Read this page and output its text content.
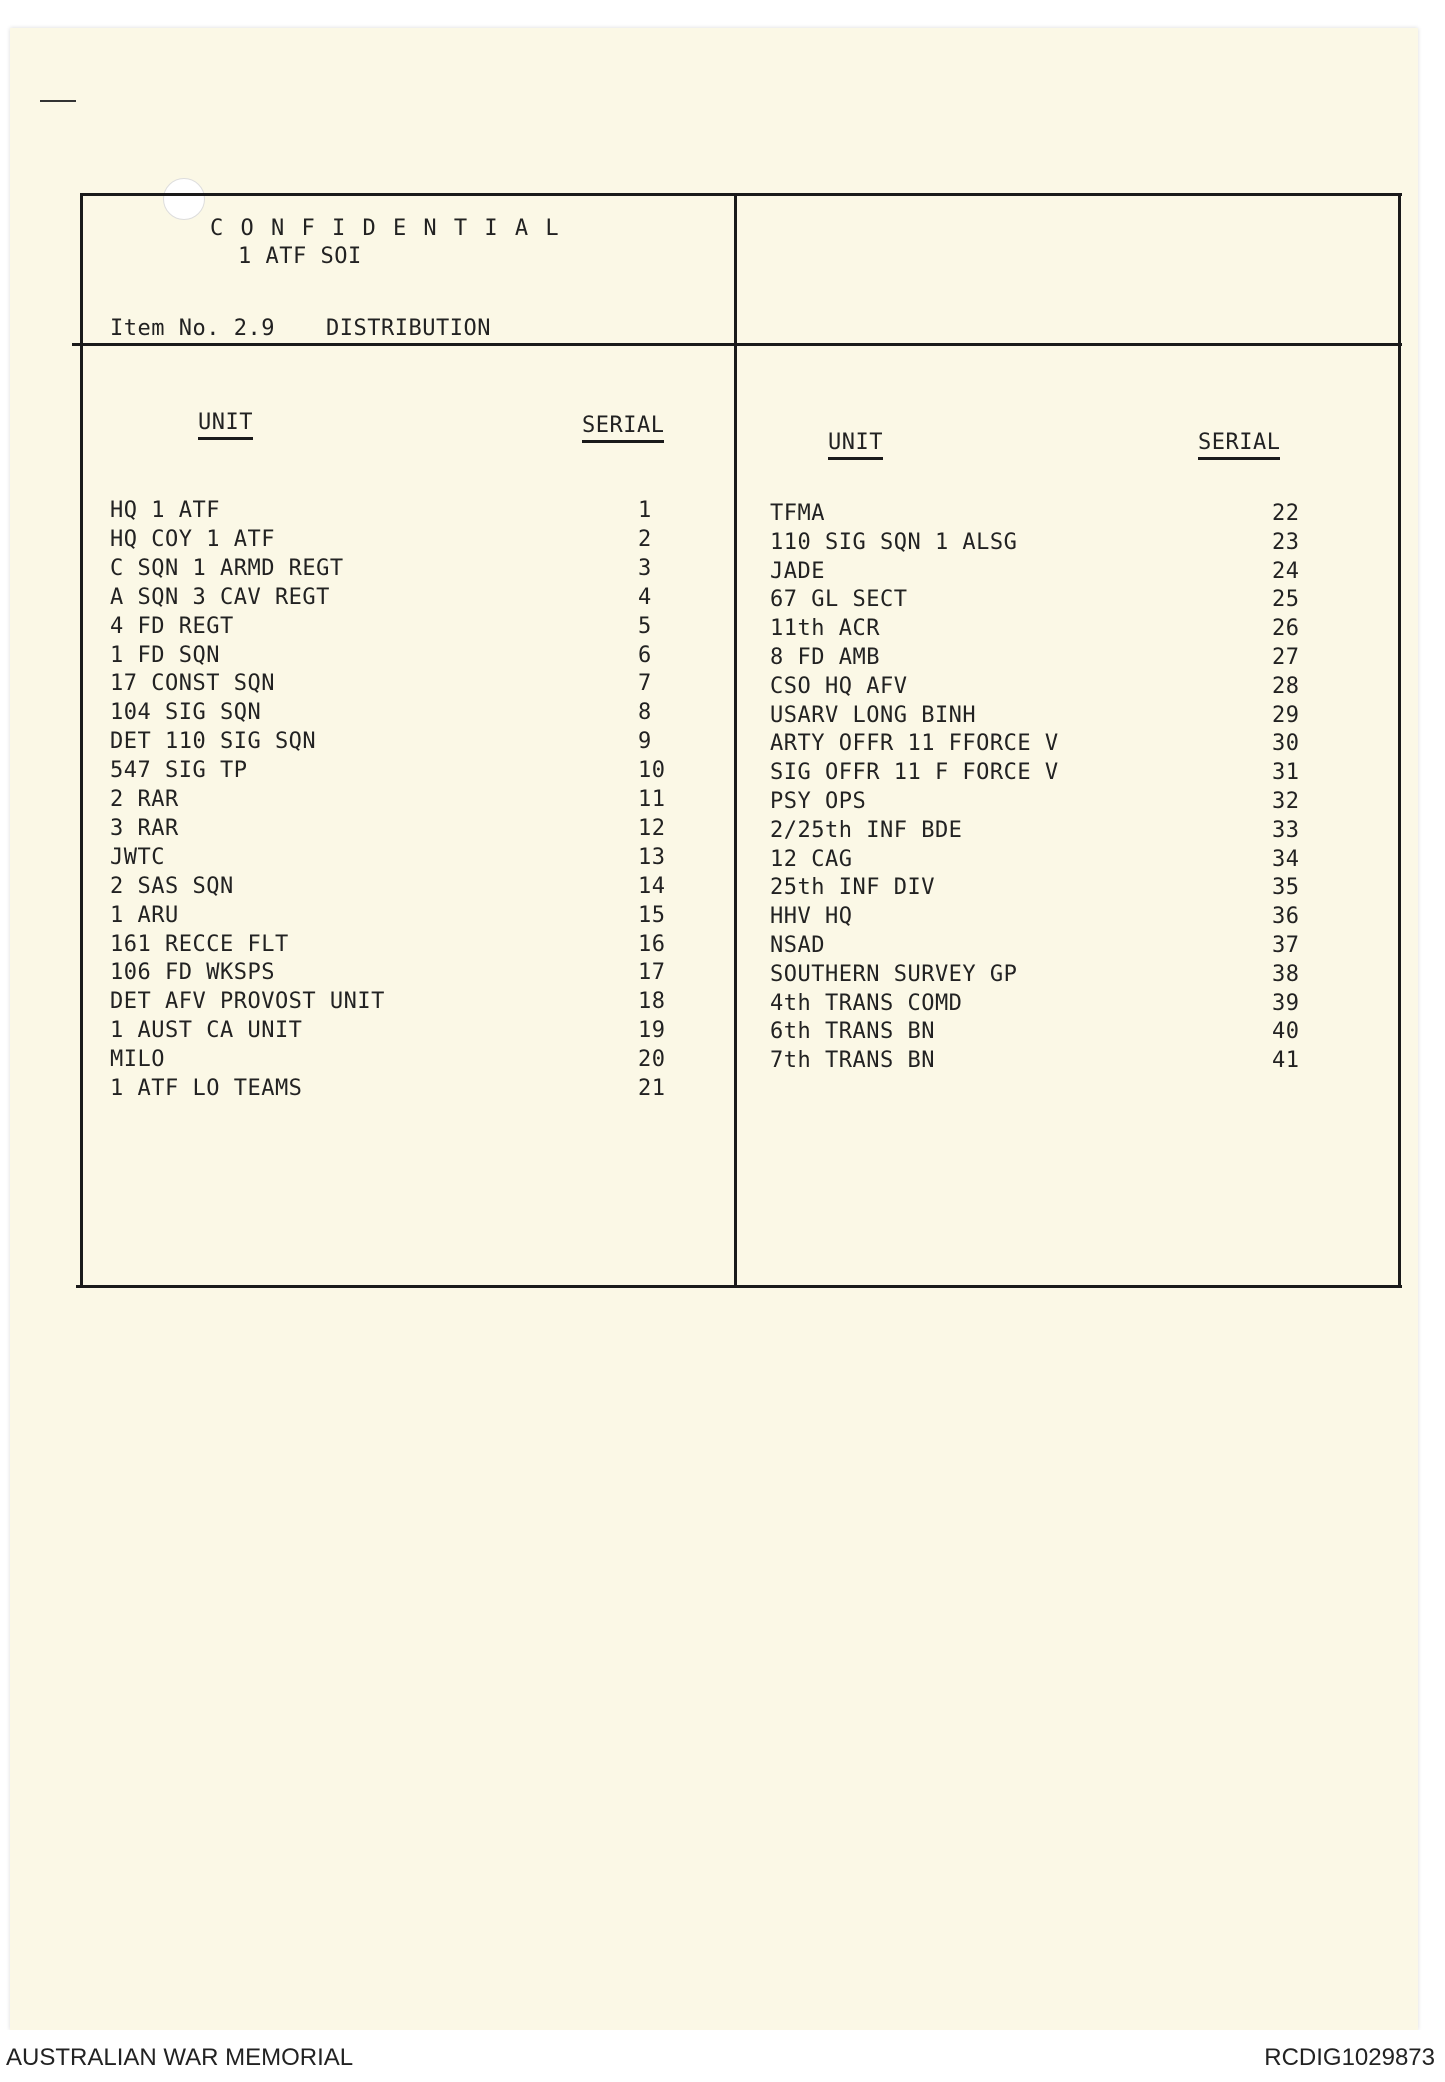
C O N F I D E N T I A L
1 ATF SOI
Item No. 2.9 DISTRIBUTION
UNIT	SERIAL
UNIT	SERIAL
HQ 1 ATF	1
HQ COY 1 ATF	2
C SQN 1 ARMD REGT	3
A SQN 3 CAV REGT	4
4 FD REGT	5
1 FD SQN	6
17 CONST SQN	7
104 SIG SQN	8
DET 110 SIG SQN	9
547 SIG TP	10
2 RAR	11
3 RAR	12
JWTC	13
2 SAS SQN	14
1 ARU	15
161 RECCE FLT	16
106 FD WKSPS	17
DET AFV PROVOST UNIT	18
1 AUST CA UNIT	19
MILO	20
1 ATF LO TEAMS	21
TFMA	22
110 SIG SQN 1 ALSG	23
JADE	24
67 GL SECT	25
11th ACR	26
8 FD AMB	27
CSO HQ AFV	28
USARV LONG BINH	29
ARTY OFFR 11 FFORCE V	30
SIG OFFR 11 F FORCE V	31
PSY OPS	32
2/25th INF BDE	33
12 CAG	34
25th INF DIV	35
HHV HQ	36
NSAD	37
SOUTHERN SURVEY GP	38
4th TRANS COMD	39
6th TRANS BN	40
7th TRANS BN	41
AUSTRALIAN WAR MEMORIAL	RCDIG1029873
